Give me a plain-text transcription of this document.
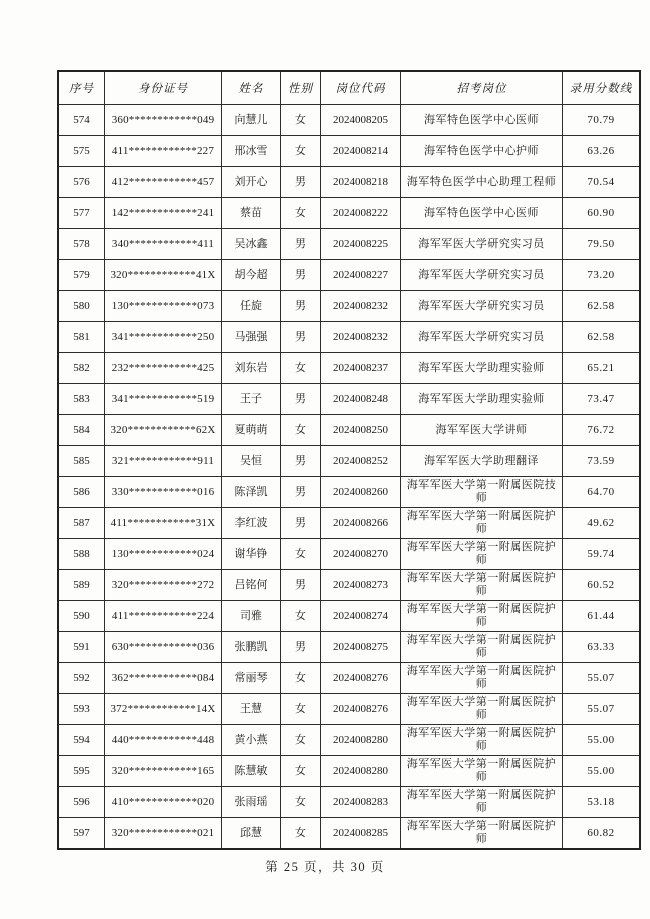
序号	身份证号	姓名	性别	岗位代码	招考岗位	录用分数线
574	360************049	向慧儿	女	2024008205	海军特色医学中心医师	70.79
575	411************227	邢冰雪	女	2024008214	海军特色医学中心护师	63.26
576	412************457	刘开心	男	2024008218	海军特色医学中心助理工程师	70.54
577	142************241	蔡苗	女	2024008222	海军特色医学中心医师	60.90
578	340************411	吴冰鑫	男	2024008225	海军军医大学研究实习员	79.50
579	320************41X	胡今超	男	2024008227	海军军医大学研究实习员	73.20
580	130************073	任旋	男	2024008232	海军军医大学研究实习员	62.58
581	341************250	马强强	男	2024008232	海军军医大学研究实习员	62.58
582	232************425	刘东岩	女	2024008237	海军军医大学助理实验师	65.21
583	341************519	王子	男	2024008248	海军军医大学助理实验师	73.47
584	320************62X	夏萌萌	女	2024008250	海军军医大学讲师	76.72
585	321************911	吴恒	男	2024008252	海军军医大学助理翻译	73.59
586	330************016	陈泽凯	男	2024008260	海军军医大学第一附属医院技师	64.70
587	411************31X	李红波	男	2024008266	海军军医大学第一附属医院护师	49.62
588	130************024	谢华铮	女	2024008270	海军军医大学第一附属医院护师	59.74
589	320************272	吕铭何	男	2024008273	海军军医大学第一附属医院护师	60.52
590	411************224	司雅	女	2024008274	海军军医大学第一附属医院护师	61.44
591	630************036	张鹏凯	男	2024008275	海军军医大学第一附属医院护师	63.33
592	362************084	常丽琴	女	2024008276	海军军医大学第一附属医院护师	55.07
593	372************14X	王慧	女	2024008276	海军军医大学第一附属医院护师	55.07
594	440************448	黄小燕	女	2024008280	海军军医大学第一附属医院护师	55.00
595	320************165	陈慧敏	女	2024008280	海军军医大学第一附属医院护师	55.00
596	410************020	张雨瑶	女	2024008283	海军军医大学第一附属医院护师	53.18
597	320************021	邱慧	女	2024008285	海军军医大学第一附属医院护师	60.82
第 25 页，共 30 页
